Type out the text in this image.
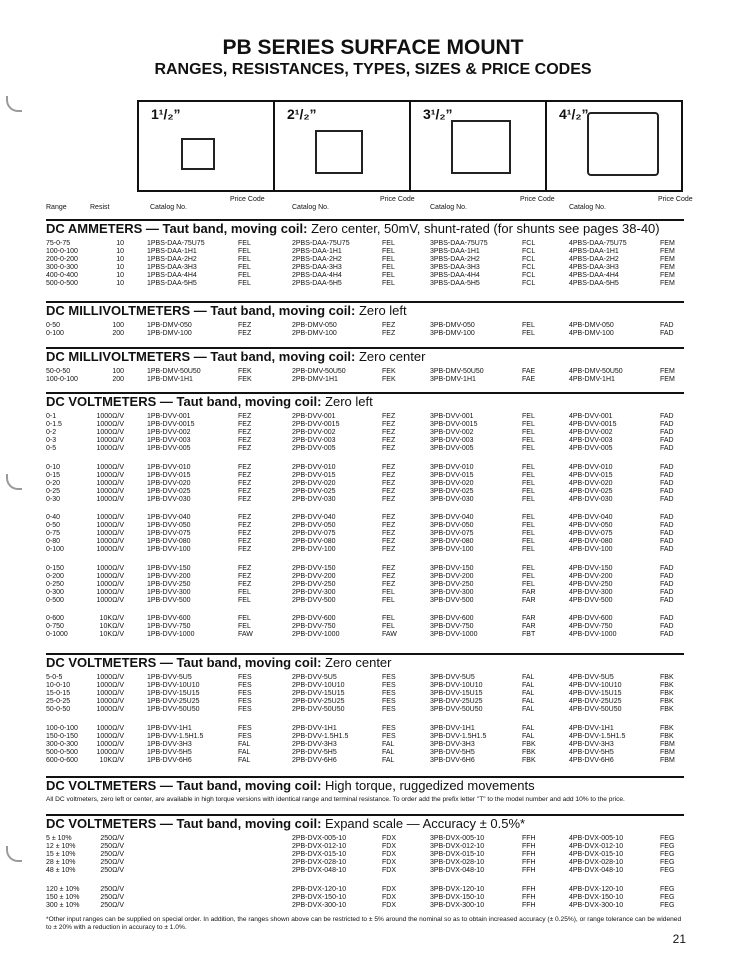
PB SERIES SURFACE MOUNT
RANGES, RESISTANCES, TYPES, SIZES & PRICE CODES
1¹/₂”	2¹/₂”	3¹/₂”	4¹/₂”
Range	Resist	Catalog No.
Price Code
Catalog No.
Price Code
Catalog No.
Price Code
Catalog No.
Price Code
DC AMMETERS — Taut band, moving coil: Zero center, 50mV, shunt-rated (for shunts see pages 38-40)
75-0-75	10	1PBS-DAA-75U75	FEL	2PBS-DAA-75U75	FEL	3PBS-DAA-75U75	FCL	4PBS-DAA-75U75	FEM
100-0-100	10	1PBS-DAA-1H1	FEL	2PBS-DAA-1H1	FEL	3PBS-DAA-1H1	FCL	4PBS-DAA-1H1	FEM
200-0-200	10	1PBS-DAA-2H2	FEL	2PBS-DAA-2H2	FEL	3PBS-DAA-2H2	FCL	4PBS-DAA-2H2	FEM
300-0-300	10	1PBS-DAA-3H3	FEL	2PBS-DAA-3H3	FEL	3PBS-DAA-3H3	FCL	4PBS-DAA-3H3	FEM
400-0-400	10	1PBS-DAA-4H4	FEL	2PBS-DAA-4H4	FEL	3PBS-DAA-4H4	FCL	4PBS-DAA-4H4	FEM
500-0-500	10	1PBS-DAA-5H5	FEL	2PBS-DAA-5H5	FEL	3PBS-DAA-5H5	FCL	4PBS-DAA-5H5	FEM
DC MILLIVOLTMETERS — Taut band, moving coil: Zero left
0-50	100	1PB-DMV-050	FEZ	2PB-DMV-050	FEZ	3PB-DMV-050	FEL	4PB-DMV-050	FAD
0-100	200	1PB-DMV-100	FEZ	2PB-DMV-100	FEZ	3PB-DMV-100	FEL	4PB-DMV-100	FAD
DC MILLIVOLTMETERS — Taut band, moving coil: Zero center
50-0-50	100	1PB-DMV-50U50	FEK	2PB-DMV-50U50	FEK	3PB-DMV-50U50	FAE	4PB-DMV-50U50	FEM
100-0-100	200	1PB-DMV-1H1	FEK	2PB-DMV-1H1	FEK	3PB-DMV-1H1	FAE	4PB-DMV-1H1	FEM
DC VOLTMETERS — Taut band, moving coil: Zero left
0-1	1000Ω/V	1PB-DVV-001	FEZ	2PB-DVV-001	FEZ	3PB-DVV-001	FEL	4PB-DVV-001	FAD
0-1.5	1000Ω/V	1PB-DVV-0015	FEZ	2PB-DVV-0015	FEZ	3PB-DVV-0015	FEL	4PB-DVV-0015	FAD
0-2	1000Ω/V	1PB-DVV-002	FEZ	2PB-DVV-002	FEZ	3PB-DVV-002	FEL	4PB-DVV-002	FAD
0-3	1000Ω/V	1PB-DVV-003	FEZ	2PB-DVV-003	FEZ	3PB-DVV-003	FEL	4PB-DVV-003	FAD
0-5	1000Ω/V	1PB-DVV-005	FEZ	2PB-DVV-005	FEZ	3PB-DVV-005	FEL	4PB-DVV-005	FAD
0-10	1000Ω/V	1PB-DVV-010	FEZ	2PB-DVV-010	FEZ	3PB-DVV-010	FEL	4PB-DVV-010	FAD
0-15	1000Ω/V	1PB-DVV-015	FEZ	2PB-DVV-015	FEZ	3PB-DVV-015	FEL	4PB-DVV-015	FAD
0-20	1000Ω/V	1PB-DVV-020	FEZ	2PB-DVV-020	FEZ	3PB-DVV-020	FEL	4PB-DVV-020	FAD
0-25	1000Ω/V	1PB-DVV-025	FEZ	2PB-DVV-025	FEZ	3PB-DVV-025	FEL	4PB-DVV-025	FAD
0-30	1000Ω/V	1PB-DVV-030	FEZ	2PB-DVV-030	FEZ	3PB-DVV-030	FEL	4PB-DVV-030	FAD
0-40	1000Ω/V	1PB-DVV-040	FEZ	2PB-DVV-040	FEZ	3PB-DVV-040	FEL	4PB-DVV-040	FAD
0-50	1000Ω/V	1PB-DVV-050	FEZ	2PB-DVV-050	FEZ	3PB-DVV-050	FEL	4PB-DVV-050	FAD
0-75	1000Ω/V	1PB-DVV-075	FEZ	2PB-DVV-075	FEZ	3PB-DVV-075	FEL	4PB-DVV-075	FAD
0-80	1000Ω/V	1PB-DVV-080	FEZ	2PB-DVV-080	FEZ	3PB-DVV-080	FEL	4PB-DVV-080	FAD
0-100	1000Ω/V	1PB-DVV-100	FEZ	2PB-DVV-100	FEZ	3PB-DVV-100	FEL	4PB-DVV-100	FAD
0-150	1000Ω/V	1PB-DVV-150	FEZ	2PB-DVV-150	FEZ	3PB-DVV-150	FEL	4PB-DVV-150	FAD
0-200	1000Ω/V	1PB-DVV-200	FEZ	2PB-DVV-200	FEZ	3PB-DVV-200	FEL	4PB-DVV-200	FAD
0-250	1000Ω/V	1PB-DVV-250	FEZ	2PB-DVV-250	FEZ	3PB-DVV-250	FEL	4PB-DVV-250	FAD
0-300	1000Ω/V	1PB-DVV-300	FEL	2PB-DVV-300	FEL	3PB-DVV-300	FAR	4PB-DVV-300	FAD
0-500	1000Ω/V	1PB-DVV-500	FEL	2PB-DVV-500	FEL	3PB-DVV-500	FAR	4PB-DVV-500	FAD
0-600	10KΩ/V	1PB-DVV-600	FEL	2PB-DVV-600	FEL	3PB-DVV-600	FAR	4PB-DVV-600	FAD
0-750	10KΩ/V	1PB-DVV-750	FEL	2PB-DVV-750	FEL	3PB-DVV-750	FAR	4PB-DVV-750	FAD
0-1000	10KΩ/V	1PB-DVV-1000	FAW	2PB-DVV-1000	FAW	3PB-DVV-1000	FBT	4PB-DVV-1000	FAD
DC VOLTMETERS — Taut band, moving coil: Zero center
5-0-5	1000Ω/V	1PB-DVV-5U5	FES	2PB-DVV-5U5	FES	3PB-DVV-5U5	FAL	4PB-DVV-5U5	FBK
10-0-10	1000Ω/V	1PB-DVV-10U10	FES	2PB-DVV-10U10	FES	3PB-DVV-10U10	FAL	4PB-DVV-10U10	FBK
15-0-15	1000Ω/V	1PB-DVV-15U15	FES	2PB-DVV-15U15	FES	3PB-DVV-15U15	FAL	4PB-DVV-15U15	FBK
25-0-25	1000Ω/V	1PB-DVV-25U25	FES	2PB-DVV-25U25	FES	3PB-DVV-25U25	FAL	4PB-DVV-25U25	FBK
50-0-50	1000Ω/V	1PB-DVV-50U50	FES	2PB-DVV-50U50	FES	3PB-DVV-50U50	FAL	4PB-DVV-50U50	FBK
100-0-100	1000Ω/V	1PB-DVV-1H1	FES	2PB-DVV-1H1	FES	3PB-DVV-1H1	FAL	4PB-DVV-1H1	FBK
150-0-150	1000Ω/V	1PB-DVV-1.5H1.5	FES	2PB-DVV-1.5H1.5	FES	3PB-DVV-1.5H1.5	FAL	4PB-DVV-1.5H1.5	FBK
300-0-300	1000Ω/V	1PB-DVV-3H3	FAL	2PB-DVV-3H3	FAL	3PB-DVV-3H3	FBK	4PB-DVV-3H3	FBM
500-0-500	1000Ω/V	1PB-DVV-5H5	FAL	2PB-DVV-5H5	FAL	3PB-DVV-5H5	FBK	4PB-DVV-5H5	FBM
600-0-600	10KΩ/V	1PB-DVV-6H6	FAL	2PB-DVV-6H6	FAL	3PB-DVV-6H6	FBK	4PB-DVV-6H6	FBM
DC VOLTMETERS — Taut band, moving coil: High torque, ruggedized movements
All DC voltmeters, zero left or center, are available in high torque versions with identical range and terminal resistance. To order add the prefix letter "T" to the model number and add 10% to the price.
DC VOLTMETERS — Taut band, moving coil: Expand scale — Accuracy ± 0.5%*
5 ± 10%	250Ω/V	2PB-DVX-005-10	FDX	3PB-DVX-005-10	FFH	4PB-DVX-005-10	FEG
12 ± 10%	250Ω/V	2PB-DVX-012-10	FDX	3PB-DVX-012-10	FFH	4PB-DVX-012-10	FEG
15 ± 10%	250Ω/V	2PB-DVX-015-10	FDX	3PB-DVX-015-10	FFH	4PB-DVX-015-10	FEG
28 ± 10%	250Ω/V	2PB-DVX-028-10	FDX	3PB-DVX-028-10	FFH	4PB-DVX-028-10	FEG
48 ± 10%	250Ω/V	2PB-DVX-048-10	FDX	3PB-DVX-048-10	FFH	4PB-DVX-048-10	FEG
120 ± 10%	250Ω/V	2PB-DVX-120-10	FDX	3PB-DVX-120-10	FFH	4PB-DVX-120-10	FEG
150 ± 10%	250Ω/V	2PB-DVX-150-10	FDX	3PB-DVX-150-10	FFH	4PB-DVX-150-10	FEG
300 ± 10%	250Ω/V	2PB-DVX-300-10	FDX	3PB-DVX-300-10	FFH	4PB-DVX-300-10	FEG
*Other input ranges can be supplied on special order. In addition, the ranges shown above can be restricted to ± 5% around the nominal so as to obtain increased accuracy (± 0.25%), or range tolerance can be widened to ± 20% with a reduction in accuracy to ± 1.0%.
21
